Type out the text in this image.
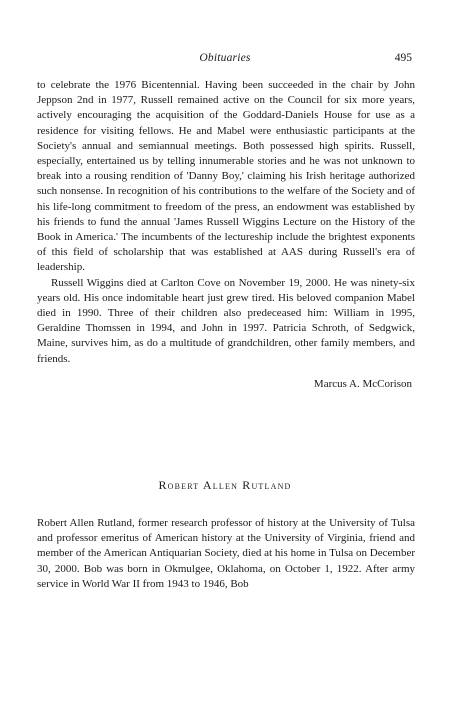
Obituaries	495

to celebrate the 1976 Bicentennial. Having been succeeded in the chair by John Jeppson 2nd in 1977, Russell remained active on the Council for six more years, actively encouraging the acquisition of the Goddard-Daniels House for use as a residence for visiting fellows. He and Mabel were enthusiastic participants at the Society's annual and semiannual meetings. Both possessed high spirits. Russell, especially, entertained us by telling innumerable stories and he was not unknown to break into a rousing rendition of 'Danny Boy,' claiming his Irish heritage authorized such nonsense. In recognition of his contributions to the welfare of the Society and of his life-long commitment to freedom of the press, an endowment was established by his friends to fund the annual 'James Russell Wiggins Lecture on the History of the Book in America.' The incumbents of the lectureship include the brightest exponents of this field of scholarship that was established at AAS during Russell's era of leadership.

Russell Wiggins died at Carlton Cove on November 19, 2000. He was ninety-six years old. His once indomitable heart just grew tired. His beloved companion Mabel died in 1990. Three of their children also predeceased him: William in 1995, Geraldine Thomssen in 1994, and John in 1997. Patricia Schroth, of Sedgwick, Maine, survives him, as do a multitude of grandchildren, other family members, and friends.

Marcus A. McCorison
Robert Allen Rutland

Robert Allen Rutland, former research professor of history at the University of Tulsa and professor emeritus of American history at the University of Virginia, friend and member of the American Antiquarian Society, died at his home in Tulsa on December 30, 2000. Bob was born in Okmulgee, Oklahoma, on October 1, 1922. After army service in World War II from 1943 to 1946, Bob
